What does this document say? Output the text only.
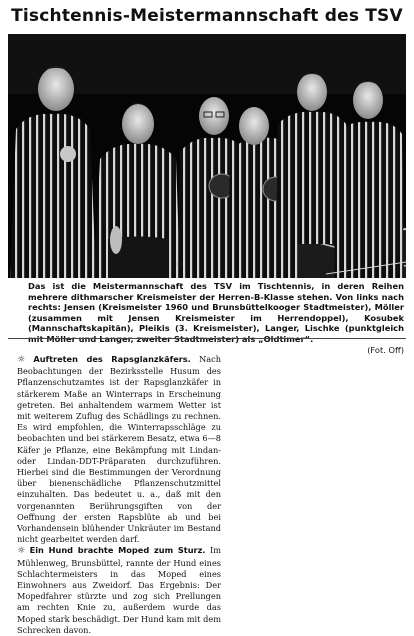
Tischtennis-Meistermannschaft des TSV
Das ist die Meistermannschaft des TSV im Tischtennis, in deren Reihen mehrere dithmarscher Kreismeister der Herren-B-Klasse stehen. Von links nach rechts: Jensen (Kreismeister 1960 und Brunsbüttelkooger Stadtmeister), Möller (zusammen mit Jensen Kreismeister im Herrendoppel), Kosubek (Mannschaftskapitän), Pleikis (3. Kreismeister), Langer, Lischke (punktgleich
(Fot. Off)

☼ Auftreten des Rapsglanzkäfers. Nach Beobachtungen der Bezirksstelle Husum des Pflanzenschutzamtes ist der Rapsglanzkäfer in stärkerem Maße an Winterraps in Erscheinung getreten. Bei anhaltendem warmem Wetter ist mit weiterem Zuflug des Schädlings zu rechnen. Es wird empfohlen, die Winterrapsschläge zu beobachten und bei stärkerem Besatz, etwa 6—8 Käfer je Pflanze, eine Bekämpfung mit Lindan- oder Lindan-DDT-Präparaten durchzuführen. Hierbei sind die Bestimmungen der Verordnung über bienenschädliche Pflanzenschutzmittel einzuhalten. Das bedeutet u. a., daß mit den vorgenannten Berührungsgiften von der Oeffnung der ersten Rapsblüte ab und bei Vorhandensein blühender Unkräuter im Bestand nicht gearbeitet werden darf.

☼ Ein Hund brachte Moped zum Sturz. Im Mühlenweg, Brunsbüttel, rannte der Hund eines Schlachtermeisters in das Moped eines Einwohners aus Zweidorf. Das Ergebnis: Der Mopedfahrer stürzte und zog sich Prellungen am rechten Knie zu, außerdem wurde das Moped stark beschädigt. Der Hund kam mit dem Schrecken davon.
